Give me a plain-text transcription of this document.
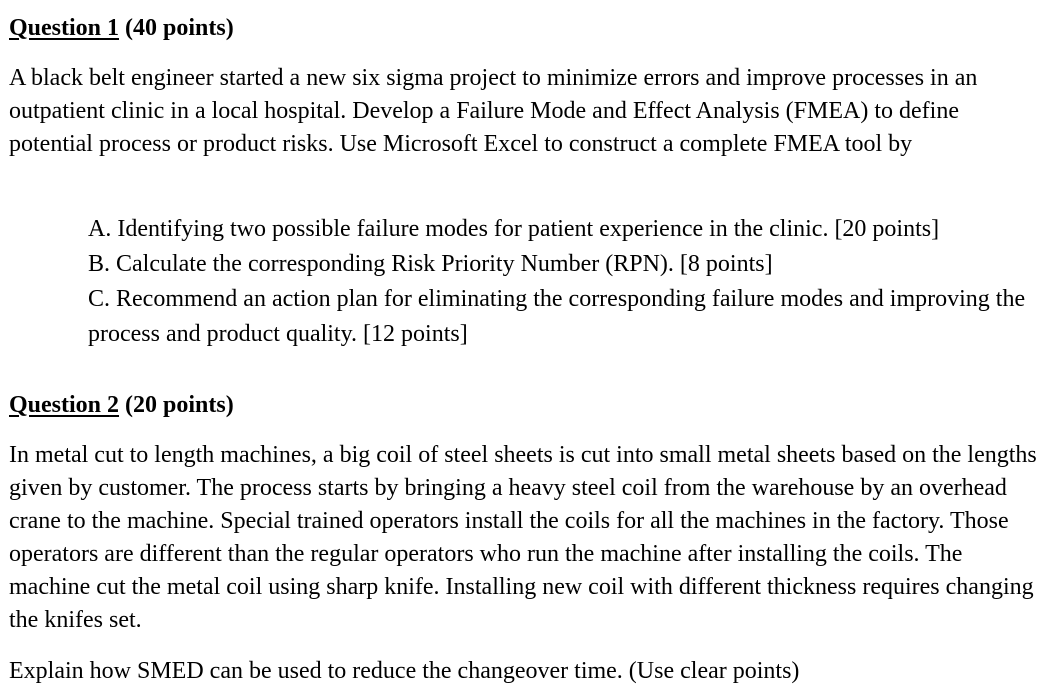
Question 1 (40 points)

A black belt engineer started a new six sigma project to minimize errors and improve processes in an outpatient clinic in a local hospital. Develop a Failure Mode and Effect Analysis (FMEA) to define potential process or product risks. Use Microsoft Excel to construct a complete FMEA tool by

A. Identifying two possible failure modes for patient experience in the clinic. [20 points]

B. Calculate the corresponding Risk Priority Number (RPN). [8 points]

C. Recommend an action plan for eliminating the corresponding failure modes and improving the process and product quality. [12 points]

Question 2 (20 points)

In metal cut to length machines, a big coil of steel sheets is cut into small metal sheets based on the lengths given by customer. The process starts by bringing a heavy steel coil from the warehouse by an overhead crane to the machine. Special trained operators install the coils for all the machines in the factory. Those operators are different than the regular operators who run the machine after installing the coils. The machine cut the metal coil using sharp knife. Installing new coil with different thickness requires changing the knifes set.

Explain how SMED can be used to reduce the changeover time. (Use clear points)
